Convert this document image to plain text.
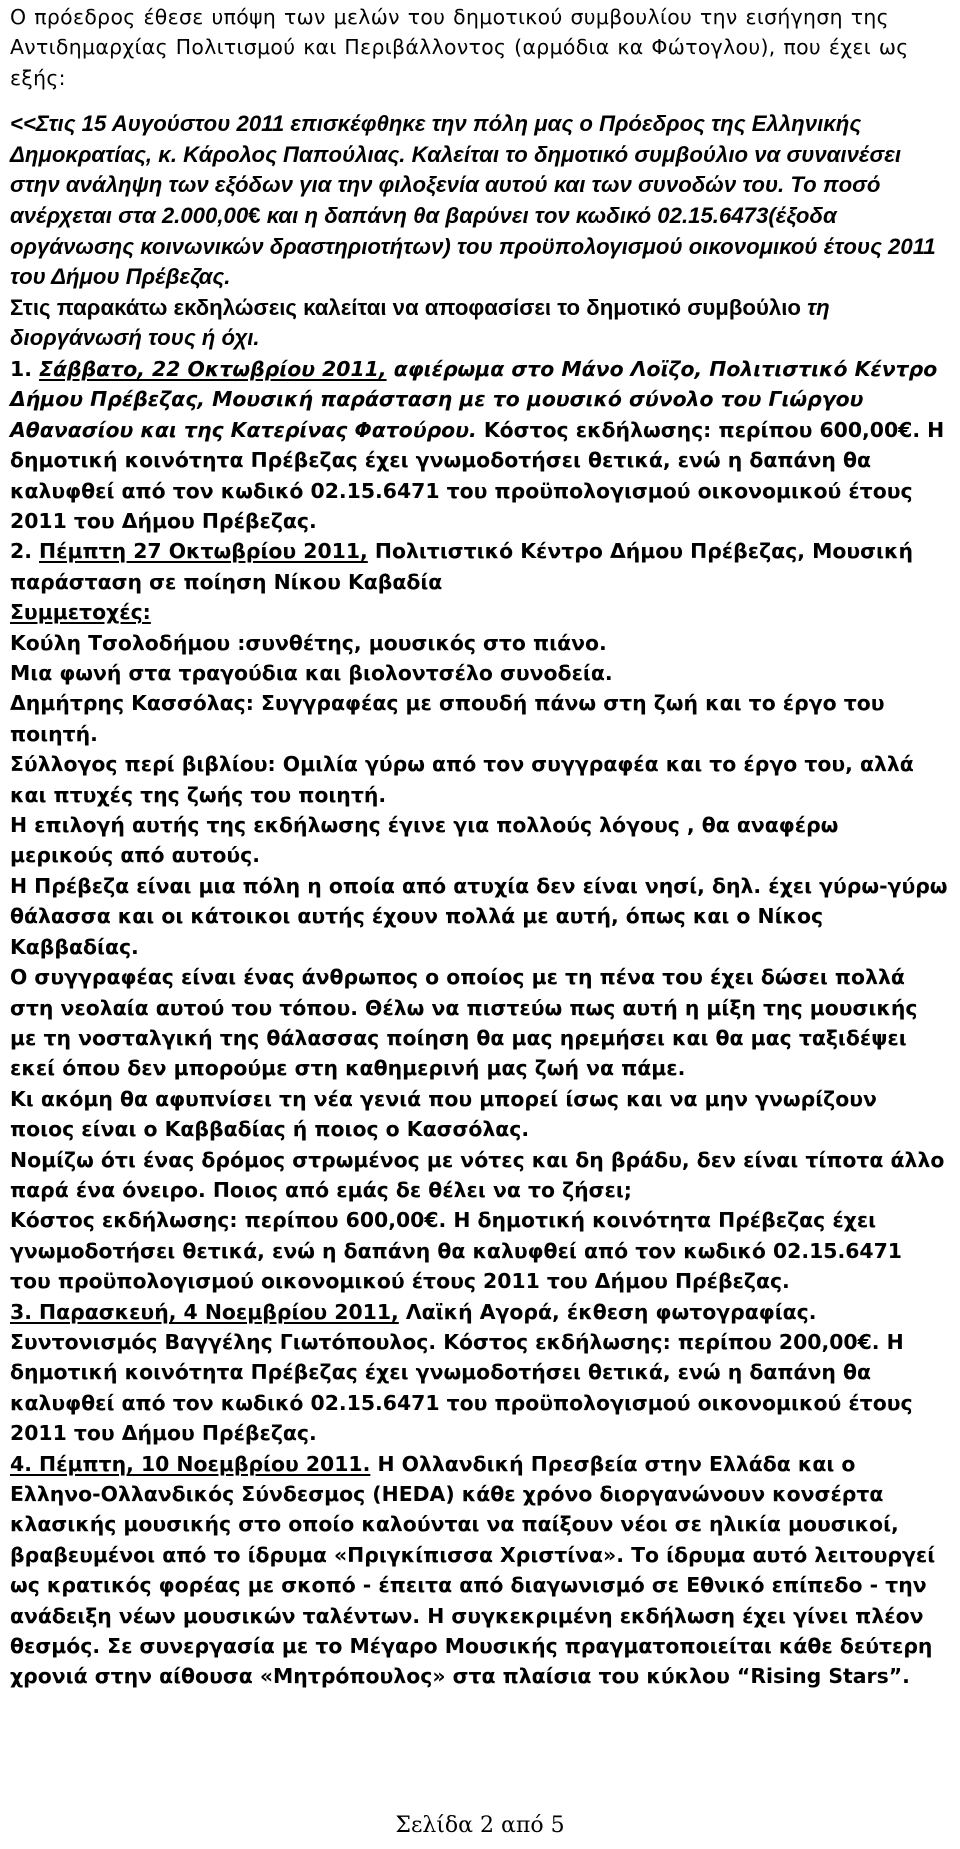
Ο πρόεδρος έθεσε υπόψη των μελών του δημοτικού συμβουλίου την εισήγηση της Αντιδημαρχίας Πολιτισμού και Περιβάλλοντος (αρμόδια κα Φώτογλου), που έχει ως εξής:
<<Στις 15 Αυγούστου 2011 επισκέφθηκε την πόλη μας ο Πρόεδρος της Ελληνικής Δημοκρατίας, κ. Κάρολος Παπούλιας. Καλείται το δημοτικό συμβούλιο να συναινέσει στην ανάληψη των εξόδων για την φιλοξενία αυτού και των συνοδών του. Το ποσό ανέρχεται στα 2.000,00€ και η δαπάνη θα βαρύνει τον κωδικό 02.15.6473(έξοδα οργάνωσης κοινωνικών δραστηριοτήτων) του προϋπολογισμού οικονομικού έτους 2011 του Δήμου Πρέβεζας.
Στις παρακάτω εκδηλώσεις καλείται να αποφασίσει το δημοτικό συμβούλιο τη διοργάνωσή τους ή όχι.
1. Σάββατο, 22 Οκτωβρίου 2011, αφιέρωμα στο Μάνο Λοϊζο, Πολιτιστικό Κέντρο Δήμου Πρέβεζας, Μουσική παράσταση με το μουσικό σύνολο του Γιώργου Αθανασίου και της Κατερίνας Φατούρου. Κόστος εκδήλωσης: περίπου 600,00€. Η δημοτική κοινότητα Πρέβεζας έχει γνωμοδοτήσει θετικά, ενώ η δαπάνη θα καλυφθεί από τον κωδικό 02.15.6471 του προϋπολογισμού οικονομικού έτους 2011 του Δήμου Πρέβεζας.
2. Πέμπτη 27 Οκτωβρίου 2011, Πολιτιστικό Κέντρο Δήμου Πρέβεζας, Μουσική παράσταση σε ποίηση Νίκου Καβαδία
Συμμετοχές:
Κούλη Τσολοδήμου :συνθέτης, μουσικός στο πιάνο.
Μια φωνή στα τραγούδια και βιολοντσέλο συνοδεία.
Δημήτρης Κασσόλας: Συγγραφέας με σπουδή πάνω στη ζωή και το έργο του ποιητή.
Σύλλογος περί βιβλίου: Ομιλία γύρω από τον συγγραφέα και το έργο του, αλλά και πτυχές της ζωής του ποιητή.
Η επιλογή αυτής της εκδήλωσης έγινε για πολλούς λόγους , θα αναφέρω μερικούς από αυτούς.
Η Πρέβεζα είναι μια πόλη η οποία από ατυχία δεν είναι νησί, δηλ. έχει γύρω-γύρω θάλασσα και οι κάτοικοι αυτής έχουν πολλά με αυτή, όπως και ο Νίκος Καββαδίας.
Ο συγγραφέας είναι ένας άνθρωπος ο οποίος με τη πένα του έχει δώσει πολλά στη νεολαία αυτού του τόπου. Θέλω να πιστεύω πως αυτή η μίξη της μουσικής με τη νοσταλγική της θάλασσας ποίηση θα μας ηρεμήσει και θα μας ταξιδέψει εκεί όπου δεν μπορούμε στη καθημερινή μας ζωή να πάμε.
Κι ακόμη θα αφυπνίσει τη νέα γενιά που μπορεί ίσως και να μην γνωρίζουν ποιος είναι ο Καββαδίας ή ποιος ο Κασσόλας.
Νομίζω ότι ένας δρόμος στρωμένος με νότες και δη βράδυ, δεν είναι τίποτα άλλο παρά ένα όνειρο. Ποιος από εμάς δε θέλει να το ζήσει;
Κόστος εκδήλωσης: περίπου 600,00€. Η δημοτική κοινότητα Πρέβεζας έχει γνωμοδοτήσει θετικά, ενώ η δαπάνη θα καλυφθεί από τον κωδικό 02.15.6471 του προϋπολογισμού οικονομικού έτους 2011 του Δήμου Πρέβεζας.
3. Παρασκευή, 4 Νοεμβρίου 2011, Λαϊκή Αγορά, έκθεση φωτογραφίας. Συντονισμός Βαγγέλης Γιωτόπουλος. Κόστος εκδήλωσης: περίπου 200,00€. Η δημοτική κοινότητα Πρέβεζας έχει γνωμοδοτήσει θετικά, ενώ η δαπάνη θα καλυφθεί από τον κωδικό 02.15.6471 του προϋπολογισμού οικονομικού έτους 2011 του Δήμου Πρέβεζας.
4. Πέμπτη, 10 Νοεμβρίου 2011. Η Ολλανδική Πρεσβεία στην Ελλάδα και ο Ελληνο-Ολλανδικός Σύνδεσμος (HEDA) κάθε χρόνο διοργανώνουν κονσέρτα κλασικής μουσικής στο οποίο καλούνται να παίξουν νέοι σε ηλικία μουσικοί, βραβευμένοι από το ίδρυμα «Πριγκίπισσα Χριστίνα». Το ίδρυμα αυτό λειτουργεί ως κρατικός φορέας με σκοπό - έπειτα από διαγωνισμό σε Εθνικό επίπεδο - την ανάδειξη νέων μουσικών ταλέντων. Η συγκεκριμένη εκδήλωση έχει γίνει πλέον θεσμός. Σε συνεργασία με το Μέγαρο Μουσικής πραγματοποιείται κάθε δεύτερη χρονιά στην αίθουσα «Μητρόπουλος» στα πλαίσια του κύκλου “Rising Stars”.
Σελίδα 2 από 5
